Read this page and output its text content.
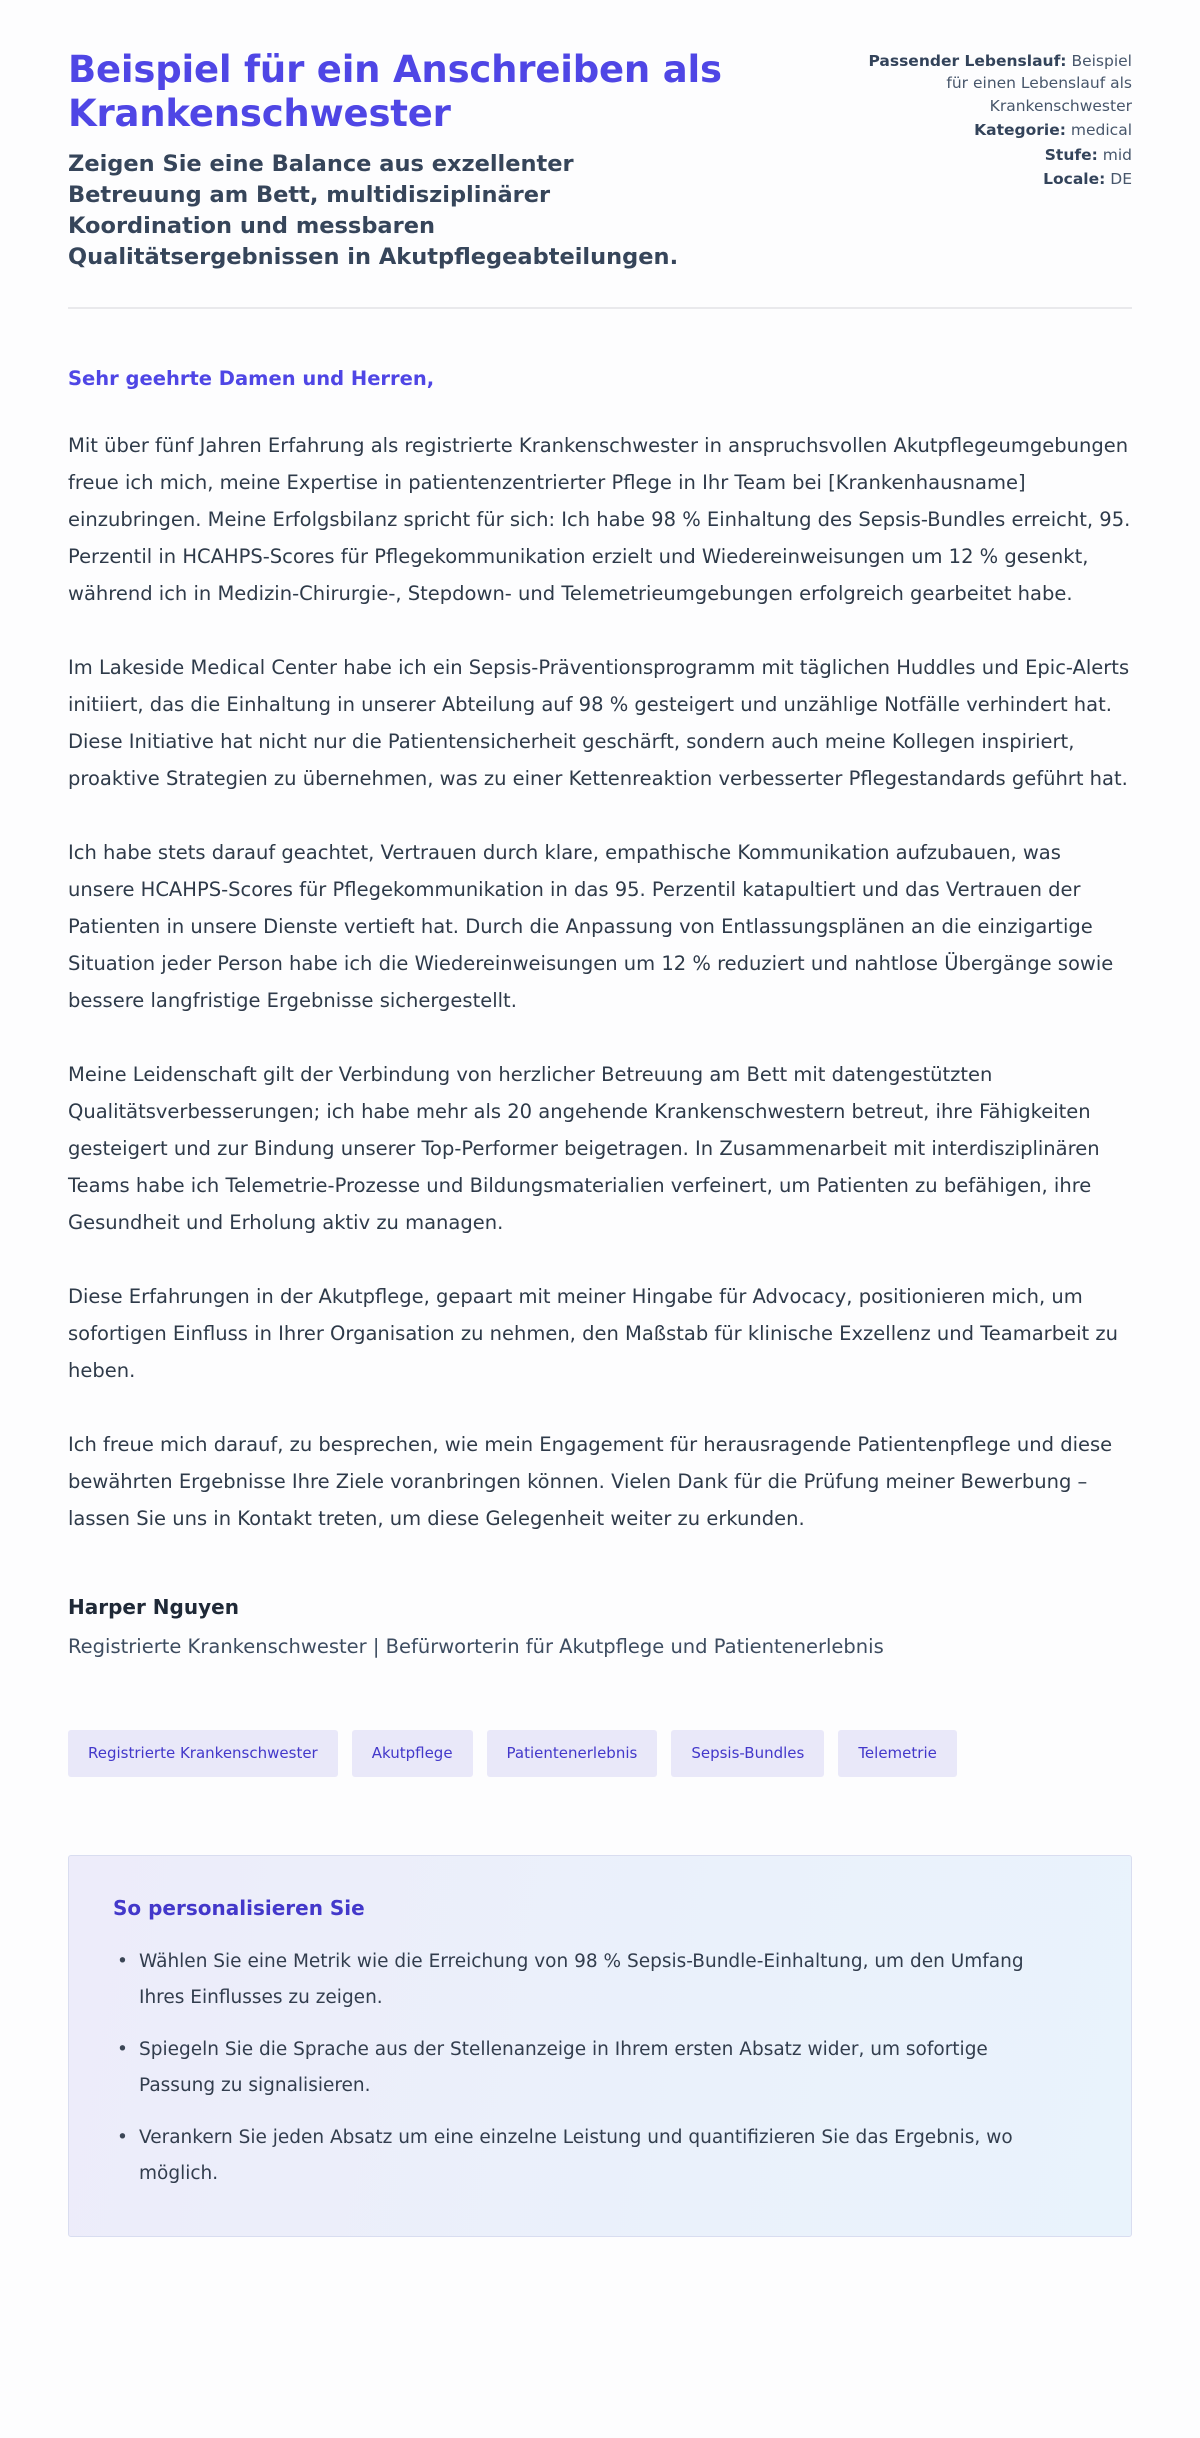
Beispiel für ein Anschreiben als Krankenschwester

Zeigen Sie eine Balance aus exzellenter Betreuung am Bett, multidisziplinärer Koordination und messbaren Qualitätsergebnissen in Akutpflegeabteilungen.

Passender Lebenslauf: Beispiel für einen Lebenslauf als Krankenschwester
Kategorie: medical
Stufe: mid
Locale: DE

Sehr geehrte Damen und Herren,

Mit über fünf Jahren Erfahrung als registrierte Krankenschwester in anspruchsvollen Akutpflegeumgebungen freue ich mich, meine Expertise in patientenzentrierter Pflege in Ihr Team bei [Krankenhausname] einzubringen. Meine Erfolgsbilanz spricht für sich: Ich habe 98 % Einhaltung des Sepsis-Bundles erreicht, 95. Perzentil in HCAHPS-Scores für Pflegekommunikation erzielt und Wiedereinweisungen um 12 % gesenkt, während ich in Medizin-Chirurgie-, Stepdown- und Telemetrieumgebungen erfolgreich gearbeitet habe.

Im Lakeside Medical Center habe ich ein Sepsis-Präventionsprogramm mit täglichen Huddles und Epic-Alerts initiiert, das die Einhaltung in unserer Abteilung auf 98 % gesteigert und unzählige Notfälle verhindert hat. Diese Initiative hat nicht nur die Patientensicherheit geschärft, sondern auch meine Kollegen inspiriert, proaktive Strategien zu übernehmen, was zu einer Kettenreaktion verbesserter Pflegestandards geführt hat.

Ich habe stets darauf geachtet, Vertrauen durch klare, empathische Kommunikation aufzubauen, was unsere HCAHPS-Scores für Pflegekommunikation in das 95. Perzentil katapultiert und das Vertrauen der Patienten in unsere Dienste vertieft hat. Durch die Anpassung von Entlassungsplänen an die einzigartige Situation jeder Person habe ich die Wiedereinweisungen um 12 % reduziert und nahtlose Übergänge sowie bessere langfristige Ergebnisse sichergestellt.

Meine Leidenschaft gilt der Verbindung von herzlicher Betreuung am Bett mit datengestützten Qualitätsverbesserungen; ich habe mehr als 20 angehende Krankenschwestern betreut, ihre Fähigkeiten gesteigert und zur Bindung unserer Top-Performer beigetragen. In Zusammenarbeit mit interdisziplinären Teams habe ich Telemetrie-Prozesse und Bildungsmaterialien verfeinert, um Patienten zu befähigen, ihre Gesundheit und Erholung aktiv zu managen.

Diese Erfahrungen in der Akutpflege, gepaart mit meiner Hingabe für Advocacy, positionieren mich, um sofortigen Einfluss in Ihrer Organisation zu nehmen, den Maßstab für klinische Exzellenz und Teamarbeit zu heben.

Ich freue mich darauf, zu besprechen, wie mein Engagement für herausragende Patientenpflege und diese bewährten Ergebnisse Ihre Ziele voranbringen können. Vielen Dank für die Prüfung meiner Bewerbung – lassen Sie uns in Kontakt treten, um diese Gelegenheit weiter zu erkunden.

Harper Nguyen

Registrierte Krankenschwester | Befürworterin für Akutpflege und Patientenerlebnis

Registrierte Krankenschwester	Akutpflege	Patientenerlebnis	Sepsis-Bundles	Telemetrie
So personalisieren Sie
• Wählen Sie eine Metrik wie die Erreichung von 98 % Sepsis-Bundle-Einhaltung, um den Umfang Ihres Einflusses zu zeigen.
• Spiegeln Sie die Sprache aus der Stellenanzeige in Ihrem ersten Absatz wider, um sofortige Passung zu signalisieren.
• Verankern Sie jeden Absatz um eine einzelne Leistung und quantifizieren Sie das Ergebnis, wo möglich.
